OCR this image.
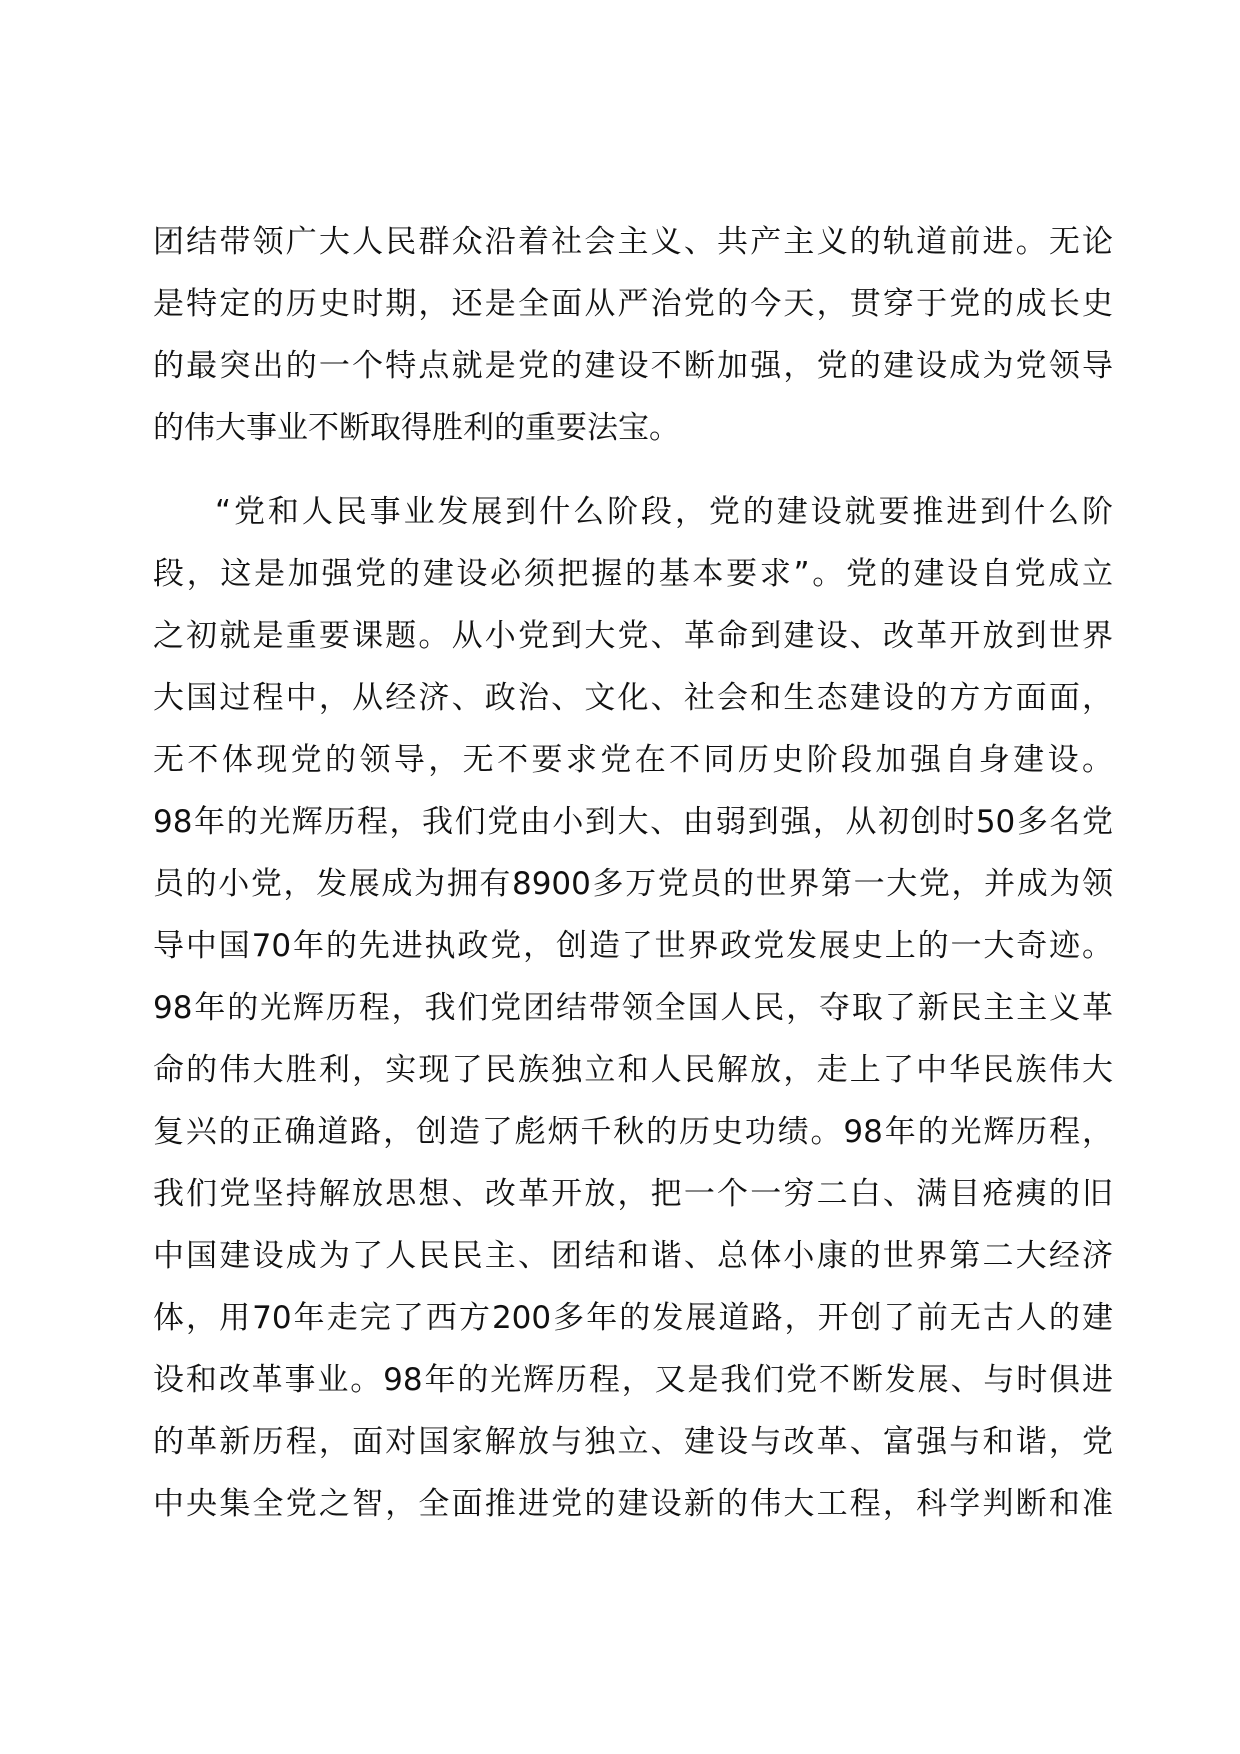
团结带领广大人民群众沿着社会主义、共产主义的轨道前进。无论
是特定的历史时期，还是全面从严治党的今天，贯穿于党的成长史
的最突出的一个特点就是党的建设不断加强，党的建设成为党领导
的伟大事业不断取得胜利的重要法宝。
“党和人民事业发展到什么阶段，党的建设就要推进到什么阶
段，这是加强党的建设必须把握的基本要求”。党的建设自党成立
之初就是重要课题。从小党到大党、革命到建设、改革开放到世界
大国过程中，从经济、政治、文化、社会和生态建设的方方面面，
无不体现党的领导，无不要求党在不同历史阶段加强自身建设。
98年的光辉历程，我们党由小到大、由弱到强，从初创时50多名党
员的小党，发展成为拥有8900多万党员的世界第一大党，并成为领
导中国70年的先进执政党，创造了世界政党发展史上的一大奇迹。
98年的光辉历程，我们党团结带领全国人民，夺取了新民主主义革
命的伟大胜利，实现了民族独立和人民解放，走上了中华民族伟大
复兴的正确道路，创造了彪炳千秋的历史功绩。98年的光辉历程，
我们党坚持解放思想、改革开放，把一个一穷二白、满目疮痍的旧
中国建设成为了人民民主、团结和谐、总体小康的世界第二大经济
体，用70年走完了西方200多年的发展道路，开创了前无古人的建
设和改革事业。98年的光辉历程，又是我们党不断发展、与时俱进
的革新历程，面对国家解放与独立、建设与改革、富强与和谐，党
中央集全党之智，全面推进党的建设新的伟大工程，科学判断和准
